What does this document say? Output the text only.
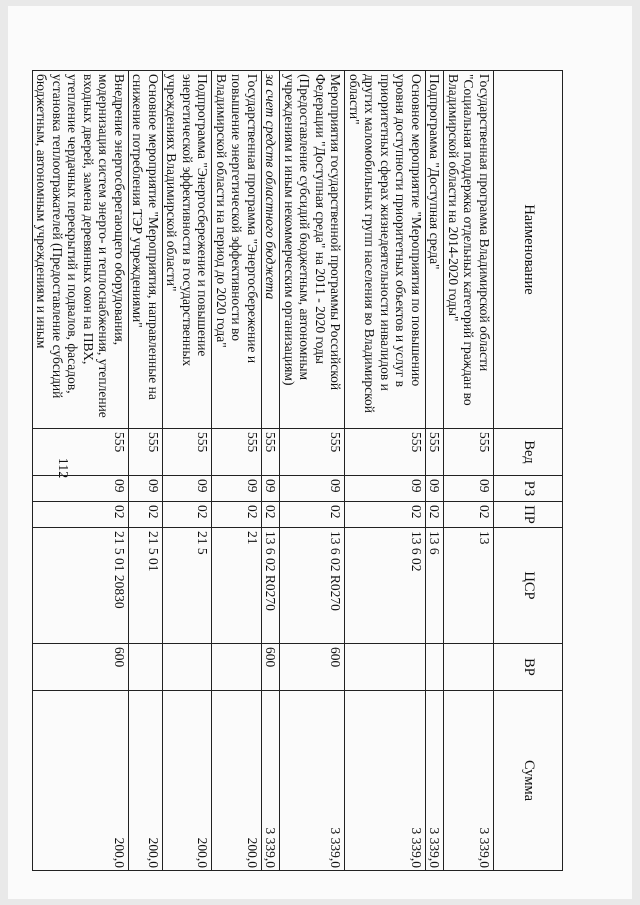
112
Наименование	Вед	РЗ	ПР	ЦСР	ВР	Сумма
Государственная программа Владимирской области "Социальная поддержка отдельных категорий граждан во Владимирской области на 2014-2020 годы"	555	09	02	13		3 339,0
Подпрограмма "Доступная среда"	555	09	02	13 6		3 339,0
Основное мероприятие "Мероприятия по повышению уровня доступности приоритетных объектов и услуг в приоритетных сферах жизнедеятельности инвалидов и других маломобильных групп населения во Владимирской области"	555	09	02	13 6 02		3 339,0
Мероприятия государственной программы Российской Федерации "Доступная среда" на 2011 - 2020 годы (Предоставление субсидий бюджетным, автономным учреждениям и иным некоммерческим организациям)	555	09	02	13 6 02 R0270	600	3 339,0
за счет средств областного бюджета	555	09	02	13 6 02 R0270	600	3 339,0
Государственная программа "Энергосбережение и повышение энергетической эффективности во Владимирской области на период до 2020 года"	555	09	02	21		200,0
Подпрограмма "Энергосбережение и повышение энергетической эффективности в государственных учреждениях Владимирской области"	555	09	02	21 5		200,0
Основное мероприятие "Мероприятия, направленные на снижение потребления ТЭР учреждениями"	555	09	02	21 5 01		200,0
Внедрение энергосберегающего оборудования, модернизация систем энерго- и теплоснабжения, утепление входных дверей, замена деревянных окон на ПВХ, утепление чердачных перекрытий и подвалов, фасадов, установка теплоотражателей (Предоставление субсидий бюджетным, автономным учреждениям и иным	555	09	02	21 5 01 20830	600	200,0
